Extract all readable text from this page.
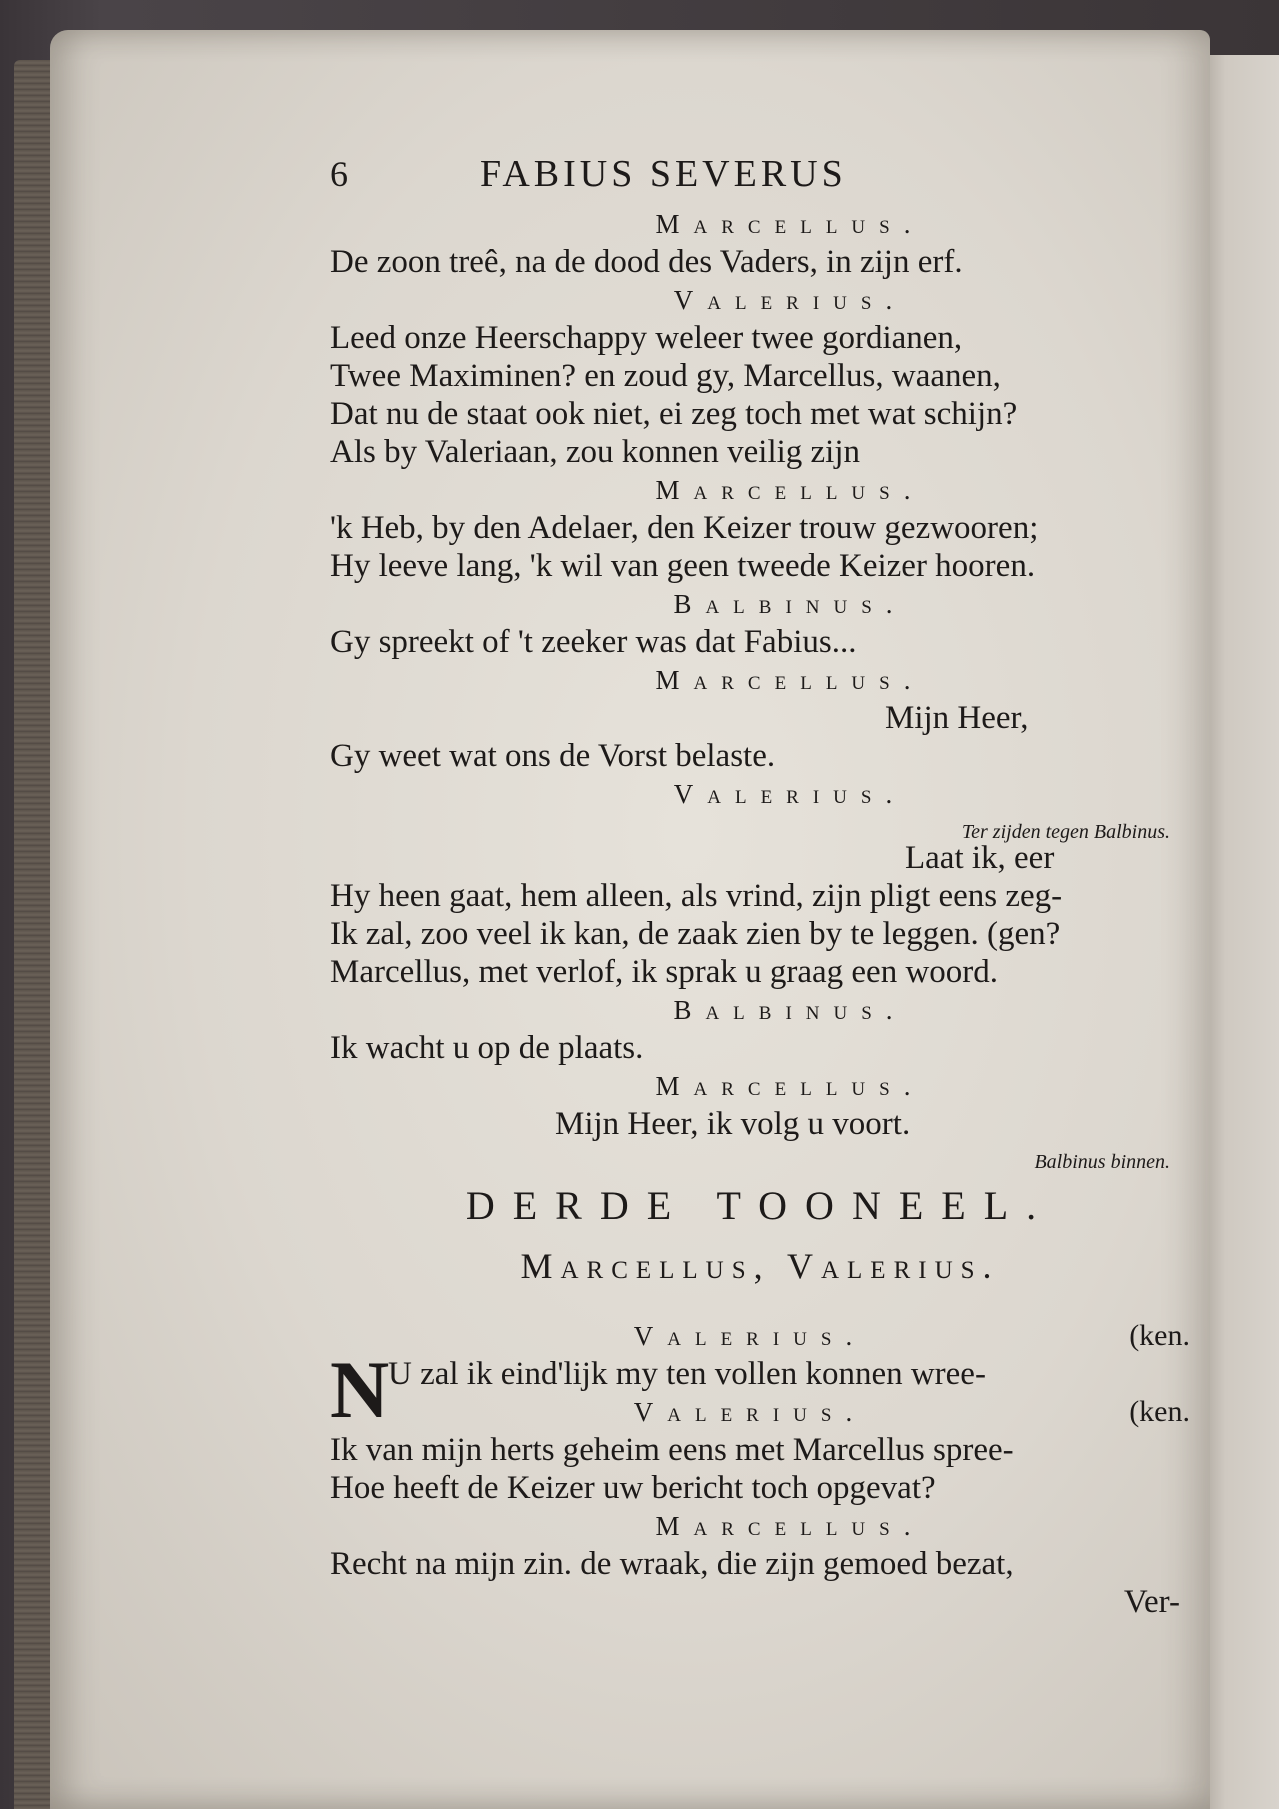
6	FABIUS SEVERUS
Marcellus.
De zoon treê, na de dood des Vaders, in zijn erf.
Valerius.
Leed onze Heerschappy weleer twee gordianen,
Twee Maximinen? en zoud gy, Marcellus, waanen,
Dat nu de staat ook niet, ei zeg toch met wat schijn?
Als by Valeriaan, zou konnen veilig zijn
Marcellus.
'k Heb, by den Adelaer, den Keizer trouw gezwooren;
Hy leeve lang, 'k wil van geen tweede Keizer hooren.
Balbinus.
Gy spreekt of 't zeeker was dat Fabius...
Marcellus.
Mijn Heer,
Gy weet wat ons de Vorst belaste.
Valerius.
Ter zijden tegen Balbinus.
Laat ik, eer
Hy heen gaat, hem alleen, als vrind, zijn pligt eens zeg-
Ik zal, zoo veel ik kan, de zaak zien by te leggen. (gen?
Marcellus, met verlof, ik sprak u graag een woord.
Balbinus.
Ik wacht u op de plaats.
Marcellus.
Mijn Heer, ik volg u voort.
Balbinus binnen.
DERDE TOONEEL.
Marcellus, Valerius.
Valerius.	(ken.
N
U zal ik eind'lijk my ten vollen konnen wree-
Valerius.	(ken.
Ik van mijn herts geheim eens met Marcellus spree-
Hoe heeft de Keizer uw bericht toch opgevat?
Marcellus.
Recht na mijn zin. de wraak, die zijn gemoed bezat,
Ver-
